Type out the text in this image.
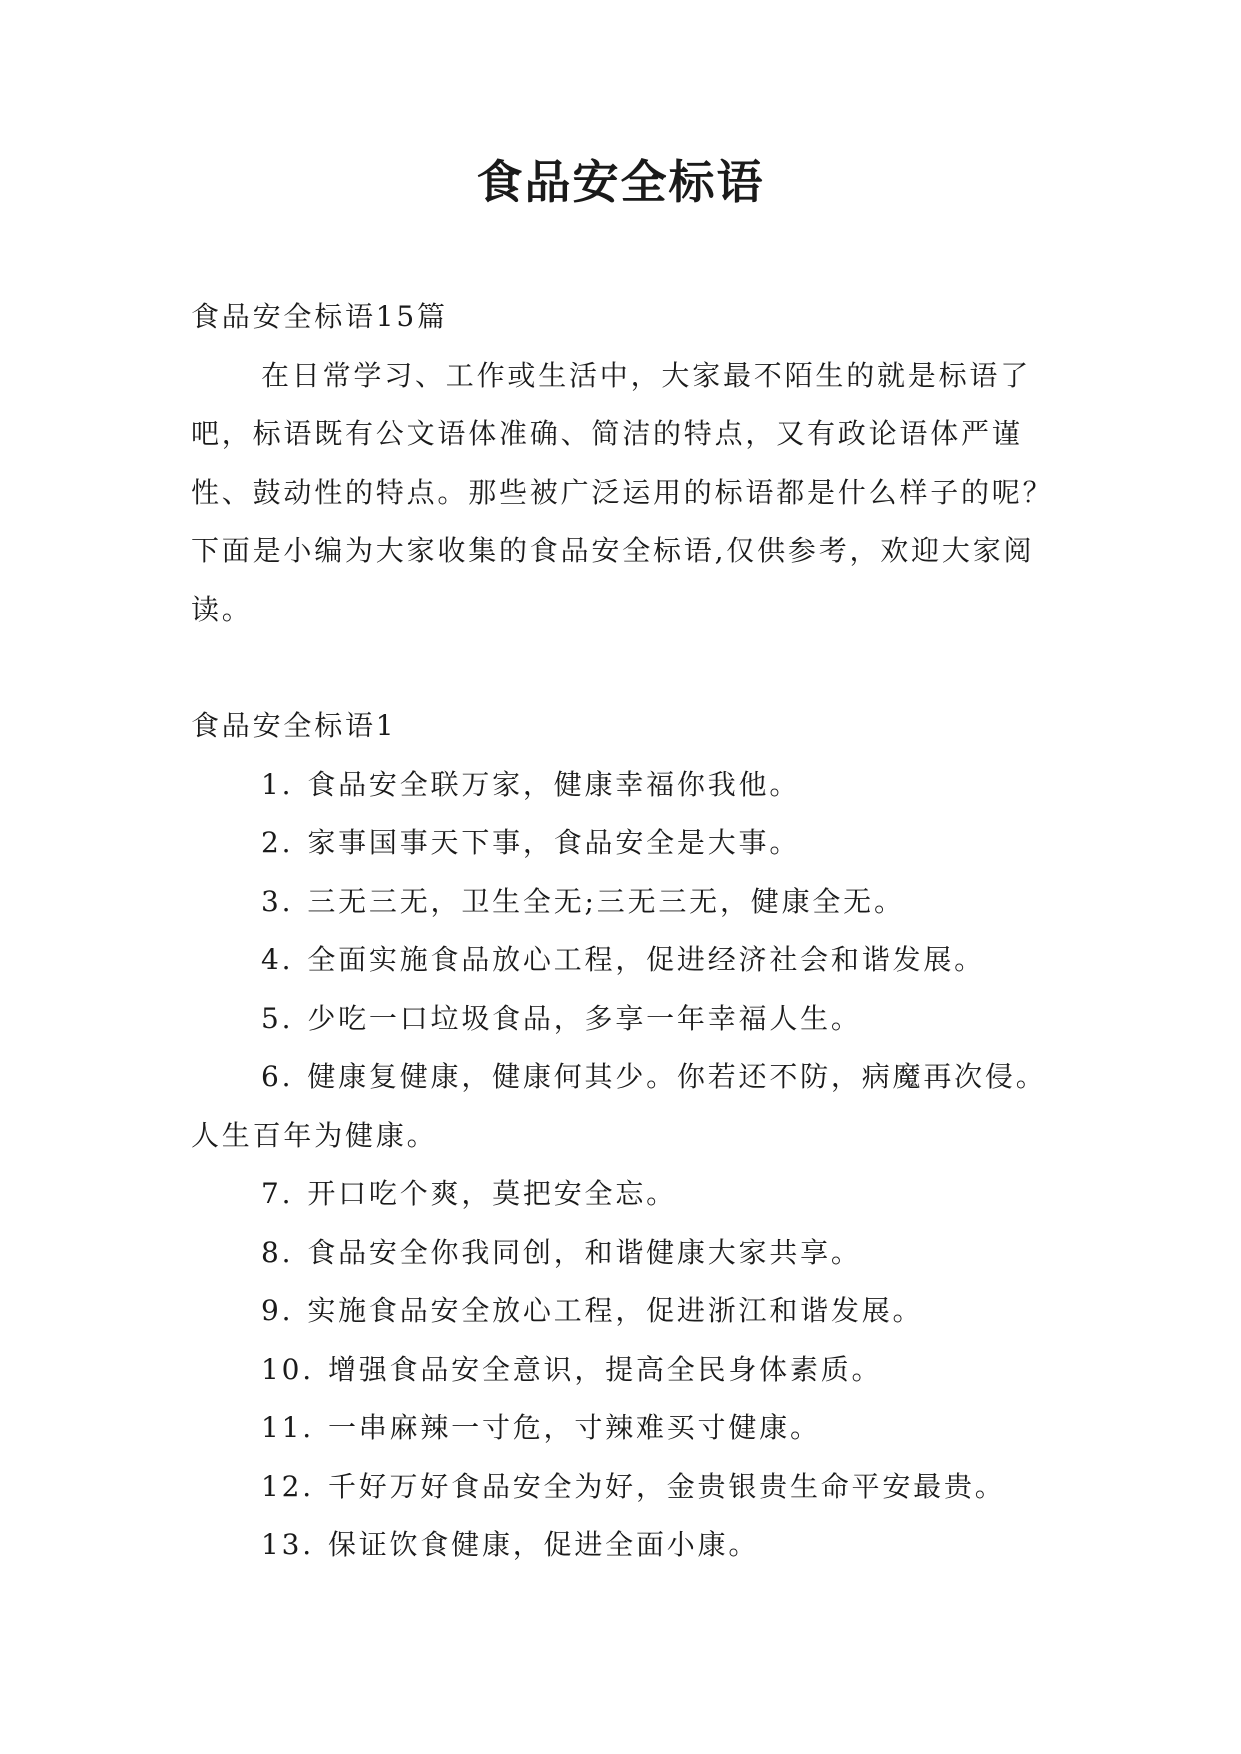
食品安全标语

食品安全标语15篇

在日常学习、工作或生活中，大家最不陌生的就是标语了吧，标语既有公文语体准确、简洁的特点，又有政论语体严谨性、鼓动性的特点。那些被广泛运用的标语都是什么样子的呢？下面是小编为大家收集的食品安全标语,仅供参考，欢迎大家阅读。

食品安全标语1

1. 食品安全联万家，健康幸福你我他。

2. 家事国事天下事，食品安全是大事。

3. 三无三无，卫生全无;三无三无，健康全无。

4. 全面实施食品放心工程，促进经济社会和谐发展。

5. 少吃一口垃圾食品，多享一年幸福人生。

6. 健康复健康，健康何其少。你若还不防，病魔再次侵。人生百年为健康。

7. 开口吃个爽，莫把安全忘。

8. 食品安全你我同创，和谐健康大家共享。

9. 实施食品安全放心工程，促进浙江和谐发展。

10. 增强食品安全意识，提高全民身体素质。

11. 一串麻辣一寸危，寸辣难买寸健康。

12. 千好万好食品安全为好，金贵银贵生命平安最贵。

13. 保证饮食健康，促进全面小康。
